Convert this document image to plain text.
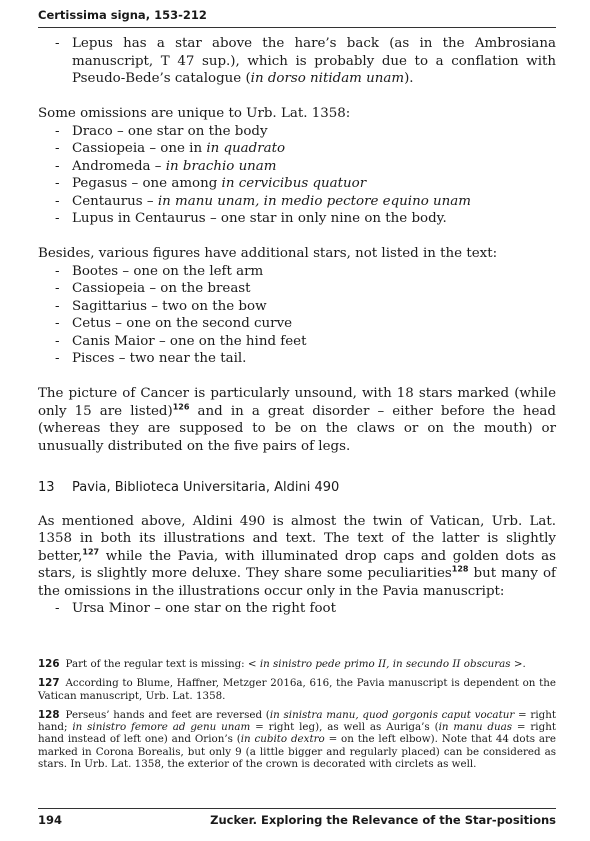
Certissima signa, 153-212
- Lepus has a star above the hare’s back (as in the Ambrosiana manuscript, T 47 sup.), which is probably due to a conflation with Pseudo-Bede’s catalogue (in dorso nitidam unam).

Some omissions are unique to Urb. Lat. 1358:

- Draco – one star on the body
- Cassiopeia – one in in quadrato
- Andromeda – in brachio unam
- Pegasus – one among in cervicibus quatuor
- Centaurus – in manu unam, in medio pectore equino unam
- Lupus in Centaurus – one star in only nine on the body.

Besides, various figures have additional stars, not listed in the text:

- Bootes – one on the left arm
- Cassiopeia – on the breast
- Sagittarius – two on the bow
- Cetus – one on the second curve
- Canis Maior – one on the hind feet
- Pisces – two near the tail.

The picture of Cancer is particularly unsound, with 18 stars marked (while only 15 are listed)$^{126}$ and in a great disorder – either before the head (whereas they are supposed to be on the claws or on the mouth) or unusually distributed on the five pairs of legs.

13 Pavia, Biblioteca Universitaria, Aldini 490

As mentioned above, Aldini 490 is almost the twin of Vatican, Urb. Lat. 1358 in both its illustrations and text. The text of the latter is slightly better,$^{127}$ while the Pavia, with illuminated drop caps and golden dots as stars, is slightly more deluxe. They share some peculiarities$^{128}$ but many of the omissions in the illustrations occur only in the Pavia manuscript:

- Ursa Minor – one star on the right foot
126 Part of the regular text is missing: < in sinistro pede primo II, in secundo II obscuras >.
127 According to Blume, Haffner, Metzger 2016a, 616, the Pavia manuscript is dependent on the Vatican manuscript, Urb. Lat. 1358.
128 Perseus’ hands and feet are reversed (in sinistra manu, quod gorgonis caput vocatur = right hand; in sinistro femore ad genu unam = right leg), as well as Auriga’s (in manu duas = right hand instead of left one) and Orion’s (in cubito dextro = on the left elbow). Note that 44 dots are marked in Corona Borealis, but only 9 (a little bigger and regularly placed) can be considered as stars. In Urb. Lat. 1358, the exterior of the crown is decorated with circlets as well.
194	Zucker. Exploring the Relevance of the Star-positions
